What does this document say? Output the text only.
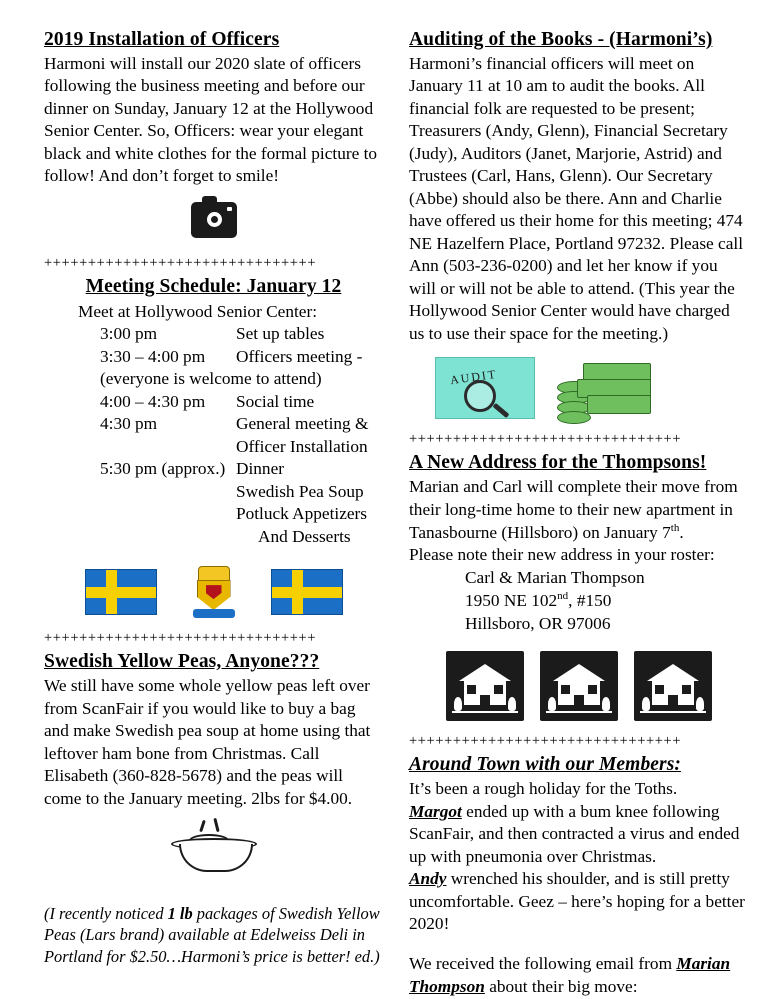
2019 Installation of Officers

Harmoni will install our 2020 slate of officers following the business meeting and before our dinner on Sunday, January 12 at the Hollywood Senior Center. So, Officers: wear your elegant black and white clothes for the formal picture to follow! And don’t forget to smile!

+++++++++++++++++++++++++++++++
Meeting Schedule: January 12
Meet at Hollywood Senior Center:
3:00 pm	Set up tables
3:30 – 4:00 pm	Officers meeting -
(everyone is welcome to attend)	
4:00 – 4:30 pm	Social time
4:30 pm	General meeting &
	Officer Installation
5:30 pm (approx.)	Dinner
	Swedish Pea Soup
	Potluck Appetizers
	And Desserts
+++++++++++++++++++++++++++++++
Swedish Yellow Peas, Anyone???

We still have some whole yellow peas left over from ScanFair if you would like to buy a bag and make Swedish pea soup at home using that leftover ham bone from Christmas. Call Elisabeth (360-828-5678) and the peas will come to the January meeting. 2lbs for $4.00.

(I recently noticed 1 lb packages of Swedish Yellow Peas (Lars brand) available at Edelweiss Deli in Portland for $2.50…Harmoni’s price is better! ed.)

Auditing of the Books - (Harmoni’s)

Harmoni’s financial officers will meet on January 11 at 10 am to audit the books. All financial folk are requested to be present; Treasurers (Andy, Glenn), Financial Secretary (Judy), Auditors (Janet, Marjorie, Astrid) and Trustees (Carl, Hans, Glenn). Our Secretary (Abbe) should also be there. Ann and Charlie have offered us their home for this meeting; 474 NE Hazelfern Place, Portland 97232. Please call Ann (503-236-0200) and let her know if you will or will not be able to attend. (This year the Hollywood Senior Center would have charged us to use their space for the meeting.)

AUDIT
+++++++++++++++++++++++++++++++
A New Address for the Thompsons!

Marian and Carl will complete their move from their long-time home to their new apartment in Tanasbourne (Hillsboro) on January 7th.
Please note their new address in your roster:

Carl & Marian Thompson
1950 NE 102nd, #150
Hillsboro, OR 97006
+++++++++++++++++++++++++++++++
Around Town with our Members:

It’s been a rough holiday for the Toths.
Margot ended up with a bum knee following ScanFair, and then contracted a virus and ended up with pneumonia over Christmas.
Andy wrenched his shoulder, and is still pretty uncomfortable. Geez – here’s hoping for a better 2020!

We received the following email from Marian Thompson about their big move:
